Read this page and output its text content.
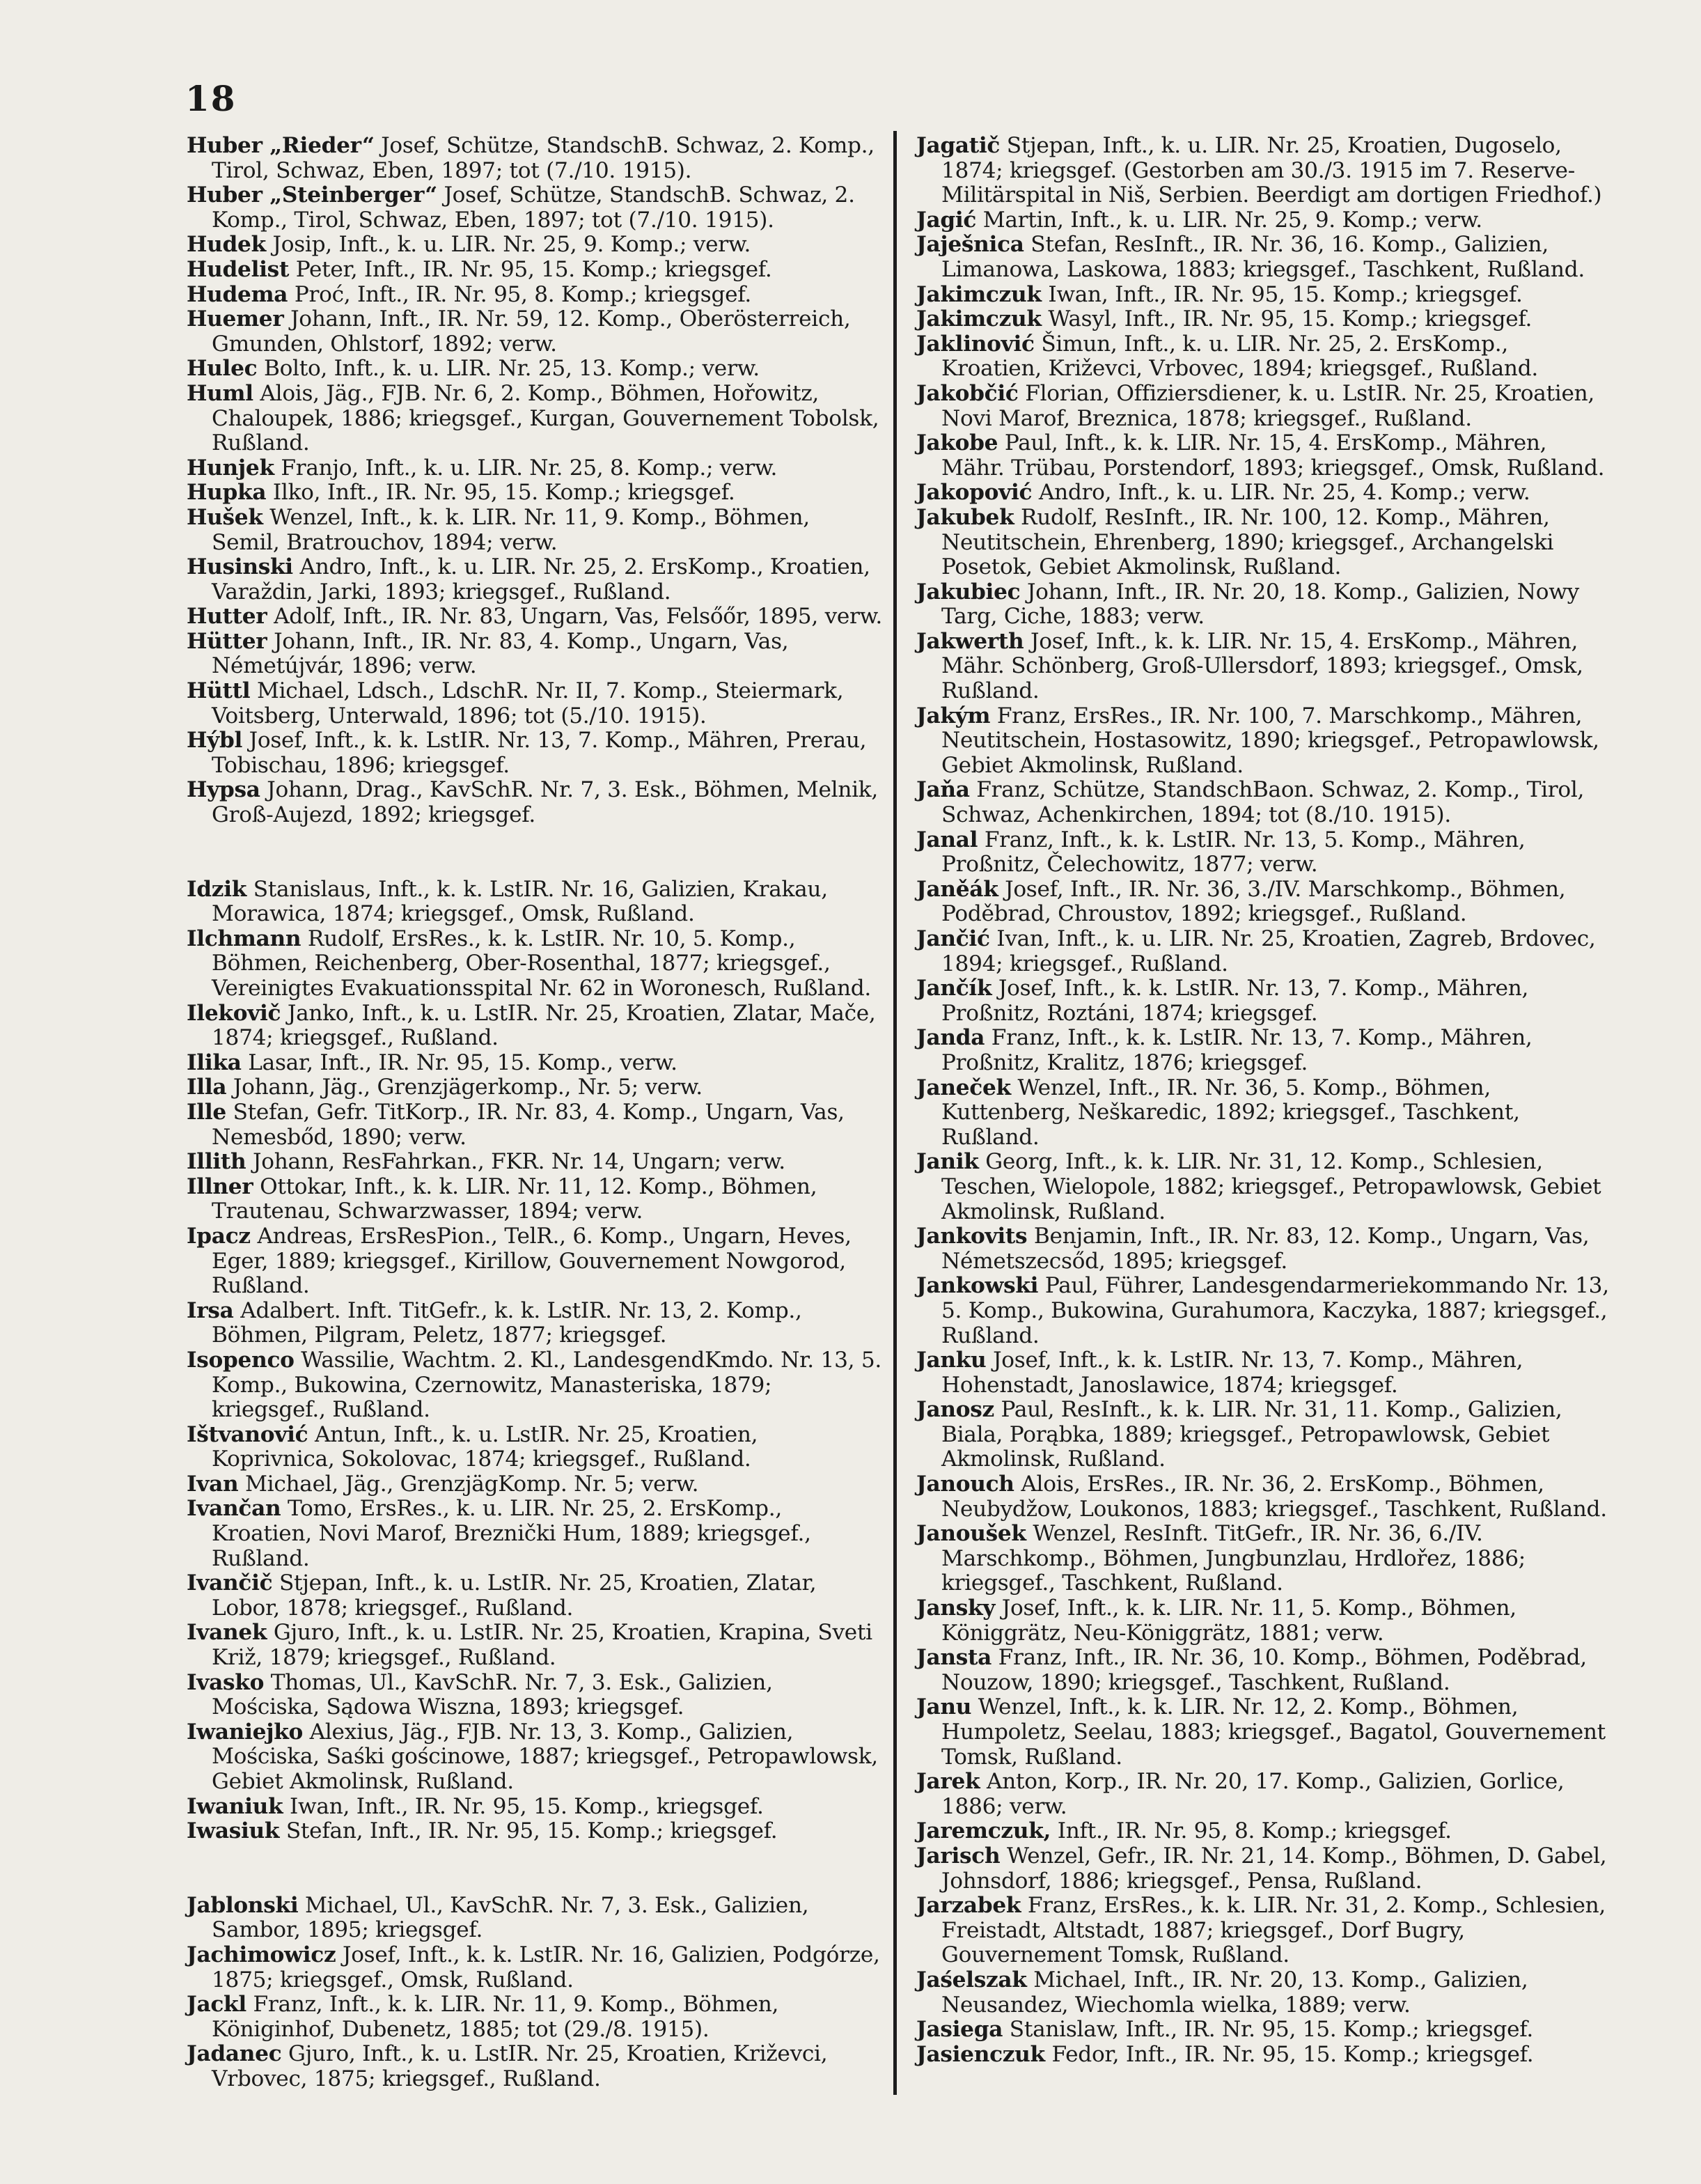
18

Huber „Rieder“ Josef, Schütze, StandschB. Schwaz, 2. Komp., Tirol, Schwaz, Eben, 1897; tot (7./10. 1915).

Huber „Steinberger“ Josef, Schütze, StandschB. Schwaz, 2. Komp., Tirol, Schwaz, Eben, 1897; tot (7./10. 1915).

Hudek Josip, Inft., k. u. LIR. Nr. 25, 9. Komp.; verw.

Hudelist Peter, Inft., IR. Nr. 95, 15. Komp.; kriegsgef.

Hudema Proć, Inft., IR. Nr. 95, 8. Komp.; kriegsgef.

Huemer Johann, Inft., IR. Nr. 59, 12. Komp., Oberösterreich, Gmunden, Ohlstorf, 1892; verw.

Hulec Bolto, Inft., k. u. LIR. Nr. 25, 13. Komp.; verw.

Huml Alois, Jäg., FJB. Nr. 6, 2. Komp., Böhmen, Hořowitz, Chaloupek, 1886; kriegsgef., Kurgan, Gouvernement Tobolsk, Rußland.

Hunjek Franjo, Inft., k. u. LIR. Nr. 25, 8. Komp.; verw.

Hupka Ilko, Inft., IR. Nr. 95, 15. Komp.; kriegsgef.

Hušek Wenzel, Inft., k. k. LIR. Nr. 11, 9. Komp., Böhmen, Semil, Bratrouchov, 1894; verw.

Husinski Andro, Inft., k. u. LIR. Nr. 25, 2. ErsKomp., Kroatien, Varaždin, Jarki, 1893; kriegsgef., Rußland.

Hutter Adolf, Inft., IR. Nr. 83, Ungarn, Vas, Felsőőr, 1895, verw.

Hütter Johann, Inft., IR. Nr. 83, 4. Komp., Ungarn, Vas, Németújvár, 1896; verw.

Hüttl Michael, Ldsch., LdschR. Nr. II, 7. Komp., Steiermark, Voitsberg, Unterwald, 1896; tot (5./10. 1915).

Hýbl Josef, Inft., k. k. LstIR. Nr. 13, 7. Komp., Mähren, Prerau, Tobischau, 1896; kriegsgef.

Hypsa Johann, Drag., KavSchR. Nr. 7, 3. Esk., Böhmen, Melnik, Groß-Aujezd, 1892; kriegsgef.

Idzik Stanislaus, Inft., k. k. LstIR. Nr. 16, Galizien, Krakau, Morawica, 1874; kriegsgef., Omsk, Rußland.

Ilchmann Rudolf, ErsRes., k. k. LstIR. Nr. 10, 5. Komp., Böhmen, Reichenberg, Ober-Rosenthal, 1877; kriegsgef., Vereinigtes Evakuationsspital Nr. 62 in Woronesch, Rußland.

Ilekovič Janko, Inft., k. u. LstIR. Nr. 25, Kroatien, Zlatar, Mače, 1874; kriegsgef., Rußland.

Ilika Lasar, Inft., IR. Nr. 95, 15. Komp., verw.

Illa Johann, Jäg., Grenzjägerkomp., Nr. 5; verw.

Ille Stefan, Gefr. TitKorp., IR. Nr. 83, 4. Komp., Ungarn, Vas, Nemesbőd, 1890; verw.

Illith Johann, ResFahrkan., FKR. Nr. 14, Ungarn; verw.

Illner Ottokar, Inft., k. k. LIR. Nr. 11, 12. Komp., Böhmen, Trautenau, Schwarzwasser, 1894; verw.

Ipacz Andreas, ErsResPion., TelR., 6. Komp., Ungarn, Heves, Eger, 1889; kriegsgef., Kirillow, Gouvernement Nowgorod, Rußland.

Irsa Adalbert. Inft. TitGefr., k. k. LstIR. Nr. 13, 2. Komp., Böhmen, Pilgram, Peletz, 1877; kriegsgef.

Isopenco Wassilie, Wachtm. 2. Kl., LandesgendKmdo. Nr. 13, 5. Komp., Bukowina, Czernowitz, Manasteriska, 1879; kriegsgef., Rußland.

Ištvanović Antun, Inft., k. u. LstIR. Nr. 25, Kroatien, Koprivnica, Sokolovac, 1874; kriegsgef., Rußland.

Ivan Michael, Jäg., GrenzjägKomp. Nr. 5; verw.

Ivančan Tomo, ErsRes., k. u. LIR. Nr. 25, 2. ErsKomp., Kroatien, Novi Marof, Breznički Hum, 1889; kriegsgef., Rußland.

Ivančič Stjepan, Inft., k. u. LstIR. Nr. 25, Kroatien, Zlatar, Lobor, 1878; kriegsgef., Rußland.

Ivanek Gjuro, Inft., k. u. LstIR. Nr. 25, Kroatien, Krapina, Sveti Križ, 1879; kriegsgef., Rußland.

Ivasko Thomas, Ul., KavSchR. Nr. 7, 3. Esk., Galizien, Mościska, Sądowa Wiszna, 1893; kriegsgef.

Iwaniejko Alexius, Jäg., FJB. Nr. 13, 3. Komp., Galizien, Mościska, Saśki gościnowe, 1887; kriegsgef., Petropawlowsk, Gebiet Akmolinsk, Rußland.

Iwaniuk Iwan, Inft., IR. Nr. 95, 15. Komp., kriegsgef.

Iwasiuk Stefan, Inft., IR. Nr. 95, 15. Komp.; kriegsgef.

Jablonski Michael, Ul., KavSchR. Nr. 7, 3. Esk., Galizien, Sambor, 1895; kriegsgef.

Jachimowicz Josef, Inft., k. k. LstIR. Nr. 16, Galizien, Podgórze, 1875; kriegsgef., Omsk, Rußland.

Jackl Franz, Inft., k. k. LIR. Nr. 11, 9. Komp., Böhmen, Königinhof, Dubenetz, 1885; tot (29./8. 1915).

Jadanec Gjuro, Inft., k. u. LstIR. Nr. 25, Kroatien, Križevci, Vrbovec, 1875; kriegsgef., Rußland.

Jagatič Stjepan, Inft., k. u. LIR. Nr. 25, Kroatien, Dugoselo, 1874; kriegsgef. (Gestorben am 30./3. 1915 im 7. Reserve-Militärspital in Niš, Serbien. Beerdigt am dortigen Friedhof.)

Jagić Martin, Inft., k. u. LIR. Nr. 25, 9. Komp.; verw.

Jaješnica Stefan, ResInft., IR. Nr. 36, 16. Komp., Galizien, Limanowa, Laskowa, 1883; kriegsgef., Taschkent, Rußland.

Jakimczuk Iwan, Inft., IR. Nr. 95, 15. Komp.; kriegsgef.

Jakimczuk Wasyl, Inft., IR. Nr. 95, 15. Komp.; kriegsgef.

Jaklinović Šimun, Inft., k. u. LIR. Nr. 25, 2. ErsKomp., Kroatien, Križevci, Vrbovec, 1894; kriegsgef., Rußland.

Jakobčić Florian, Offiziersdiener, k. u. LstIR. Nr. 25, Kroatien, Novi Marof, Breznica, 1878; kriegsgef., Rußland.

Jakobe Paul, Inft., k. k. LIR. Nr. 15, 4. ErsKomp., Mähren, Mähr. Trübau, Porstendorf, 1893; kriegsgef., Omsk, Rußland.

Jakopović Andro, Inft., k. u. LIR. Nr. 25, 4. Komp.; verw.

Jakubek Rudolf, ResInft., IR. Nr. 100, 12. Komp., Mähren, Neutitschein, Ehrenberg, 1890; kriegsgef., Archangelski Posetok, Gebiet Akmolinsk, Rußland.

Jakubiec Johann, Inft., IR. Nr. 20, 18. Komp., Galizien, Nowy Targ, Ciche, 1883; verw.

Jakwerth Josef, Inft., k. k. LIR. Nr. 15, 4. ErsKomp., Mähren, Mähr. Schönberg, Groß-Ullersdorf, 1893; kriegsgef., Omsk, Rußland.

Jakým Franz, ErsRes., IR. Nr. 100, 7. Marschkomp., Mähren, Neutitschein, Hostasowitz, 1890; kriegsgef., Petropawlowsk, Gebiet Akmolinsk, Rußland.

Jaňa Franz, Schütze, StandschBaon. Schwaz, 2. Komp., Tirol, Schwaz, Achenkirchen, 1894; tot (8./10. 1915).

Janal Franz, Inft., k. k. LstIR. Nr. 13, 5. Komp., Mähren, Proßnitz, Čelechowitz, 1877; verw.

Janěák Josef, Inft., IR. Nr. 36, 3./IV. Marschkomp., Böhmen, Poděbrad, Chroustov, 1892; kriegsgef., Rußland.

Jančić Ivan, Inft., k. u. LIR. Nr. 25, Kroatien, Zagreb, Brdovec, 1894; kriegsgef., Rußland.

Jančík Josef, Inft., k. k. LstIR. Nr. 13, 7. Komp., Mähren, Proßnitz, Roztáni, 1874; kriegsgef.

Janda Franz, Inft., k. k. LstIR. Nr. 13, 7. Komp., Mähren, Proßnitz, Kralitz, 1876; kriegsgef.

Janeček Wenzel, Inft., IR. Nr. 36, 5. Komp., Böhmen, Kuttenberg, Neškaredic, 1892; kriegsgef., Taschkent, Rußland.

Janik Georg, Inft., k. k. LIR. Nr. 31, 12. Komp., Schlesien, Teschen, Wielopole, 1882; kriegsgef., Petropawlowsk, Gebiet Akmolinsk, Rußland.

Jankovits Benjamin, Inft., IR. Nr. 83, 12. Komp., Ungarn, Vas, Németszecsőd, 1895; kriegsgef.

Jankowski Paul, Führer, Landesgendarmeriekommando Nr. 13, 5. Komp., Bukowina, Gurahumora, Kaczyka, 1887; kriegsgef., Rußland.

Janku Josef, Inft., k. k. LstIR. Nr. 13, 7. Komp., Mähren, Hohenstadt, Janoslawice, 1874; kriegsgef.

Janosz Paul, ResInft., k. k. LIR. Nr. 31, 11. Komp., Galizien, Biala, Porąbka, 1889; kriegsgef., Petropawlowsk, Gebiet Akmolinsk, Rußland.

Janouch Alois, ErsRes., IR. Nr. 36, 2. ErsKomp., Böhmen, Neubydžow, Loukonos, 1883; kriegsgef., Taschkent, Rußland.

Janoušek Wenzel, ResInft. TitGefr., IR. Nr. 36, 6./IV. Marschkomp., Böhmen, Jungbunzlau, Hrdlořez, 1886; kriegsgef., Taschkent, Rußland.

Jansky Josef, Inft., k. k. LIR. Nr. 11, 5. Komp., Böhmen, Königgrätz, Neu-Königgrätz, 1881; verw.

Jansta Franz, Inft., IR. Nr. 36, 10. Komp., Böhmen, Poděbrad, Nouzow, 1890; kriegsgef., Taschkent, Rußland.

Janu Wenzel, Inft., k. k. LIR. Nr. 12, 2. Komp., Böhmen, Humpoletz, Seelau, 1883; kriegsgef., Bagatol, Gouvernement Tomsk, Rußland.

Jarek Anton, Korp., IR. Nr. 20, 17. Komp., Galizien, Gorlice, 1886; verw.

Jaremczuk, Inft., IR. Nr. 95, 8. Komp.; kriegsgef.

Jarisch Wenzel, Gefr., IR. Nr. 21, 14. Komp., Böhmen, D. Gabel, Johnsdorf, 1886; kriegsgef., Pensa, Rußland.

Jarzabek Franz, ErsRes., k. k. LIR. Nr. 31, 2. Komp., Schlesien, Freistadt, Altstadt, 1887; kriegsgef., Dorf Bugry, Gouvernement Tomsk, Rußland.

Jaśelszak Michael, Inft., IR. Nr. 20, 13. Komp., Galizien, Neusandez, Wiechomla wielka, 1889; verw.

Jasiega Stanislaw, Inft., IR. Nr. 95, 15. Komp.; kriegsgef.

Jasienczuk Fedor, Inft., IR. Nr. 95, 15. Komp.; kriegsgef.
